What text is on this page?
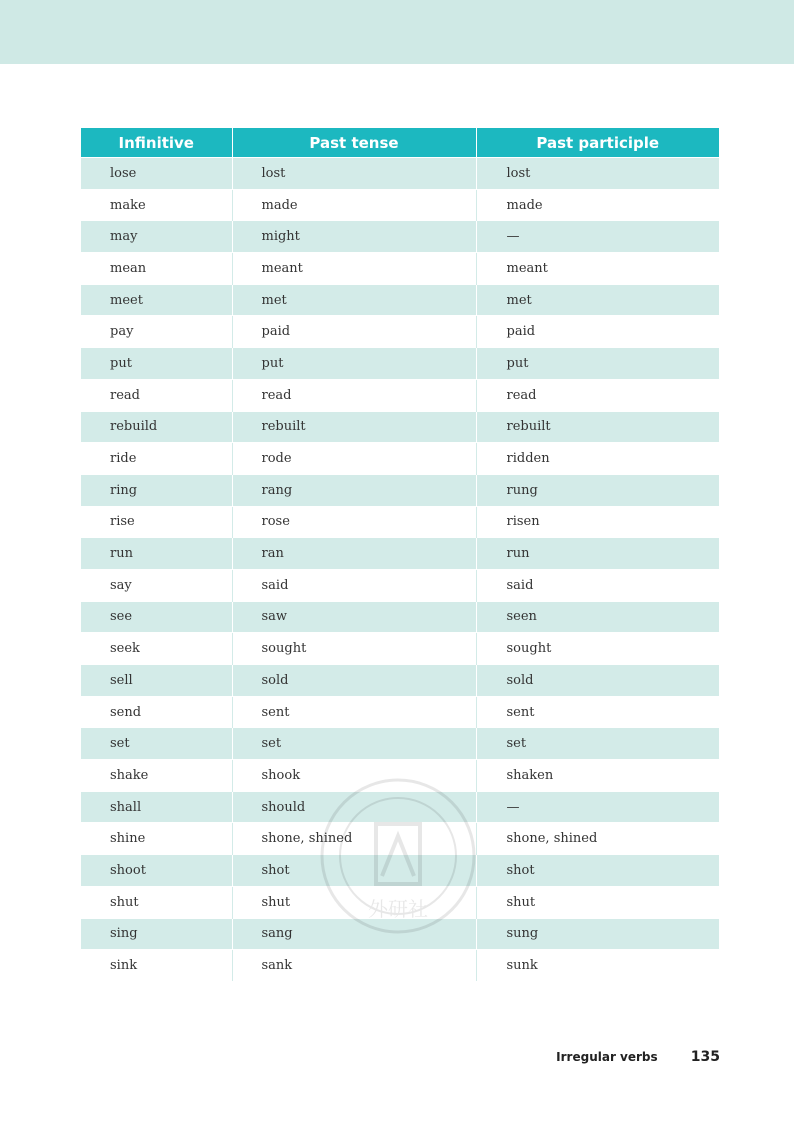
Infinitive	Past tense	Past participle
lose	lost	lost
make	made	made
may	might	—
mean	meant	meant
meet	met	met
pay	paid	paid
put	put	put
read	read	read
rebuild	rebuilt	rebuilt
ride	rode	ridden
ring	rang	rung
rise	rose	risen
run	ran	run
say	said	said
see	saw	seen
seek	sought	sought
sell	sold	sold
send	sent	sent
set	set	set
shake	shook	shaken
shall	should	—
shine	shone, shined	shone, shined
shoot	shot	shot
shut	shut	shut
sing	sang	sung
sink	sank	sunk
外研社
Irregular verbs 135
